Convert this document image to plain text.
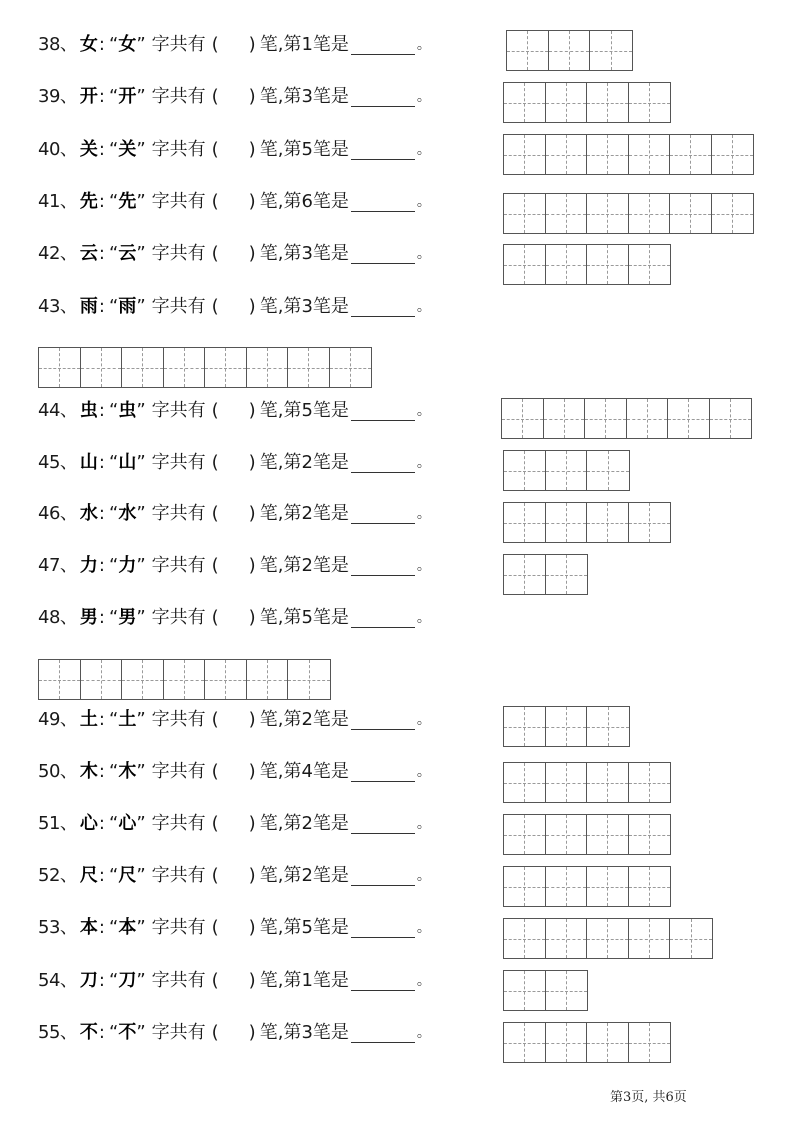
38 、 女 : “ 女 ” 字共有 ( ) 笔, 第 1 笔是	。
39 、 开 : “ 开 ” 字共有 ( ) 笔, 第 3 笔是	。
40 、 关 : “ 关 ” 字共有 ( ) 笔, 第 5 笔是	。
41 、 先 : “ 先 ” 字共有 ( ) 笔, 第 6 笔是	。
42 、 云 : “ 云 ” 字共有 ( ) 笔, 第 3 笔是	。
43 、 雨 : “ 雨 ” 字共有 ( ) 笔, 第 3 笔是	。
44 、 虫 : “ 虫 ” 字共有 ( ) 笔, 第 5 笔是	。
45 、 山 : “ 山 ” 字共有 ( ) 笔, 第 2 笔是	。
46 、 水 : “ 水 ” 字共有 ( ) 笔, 第 2 笔是	。
47 、 力 : “ 力 ” 字共有 ( ) 笔, 第 2 笔是	。
48 、 男 : “ 男 ” 字共有 ( ) 笔, 第 5 笔是	。
49 、 土 : “ 土 ” 字共有 ( ) 笔, 第 2 笔是	。
50 、 木 : “ 木 ” 字共有 ( ) 笔, 第 4 笔是	。
51 、 心 : “ 心 ” 字共有 ( ) 笔, 第 2 笔是	。
52 、 尺 : “ 尺 ” 字共有 ( ) 笔, 第 2 笔是	。
53 、 本 : “ 本 ” 字共有 ( ) 笔, 第 5 笔是	。
54 、 刀 : “ 刀 ” 字共有 ( ) 笔, 第 1 笔是	。
55 、 不 : “ 不 ” 字共有 ( ) 笔, 第 3 笔是	。
第3页, 共6页
